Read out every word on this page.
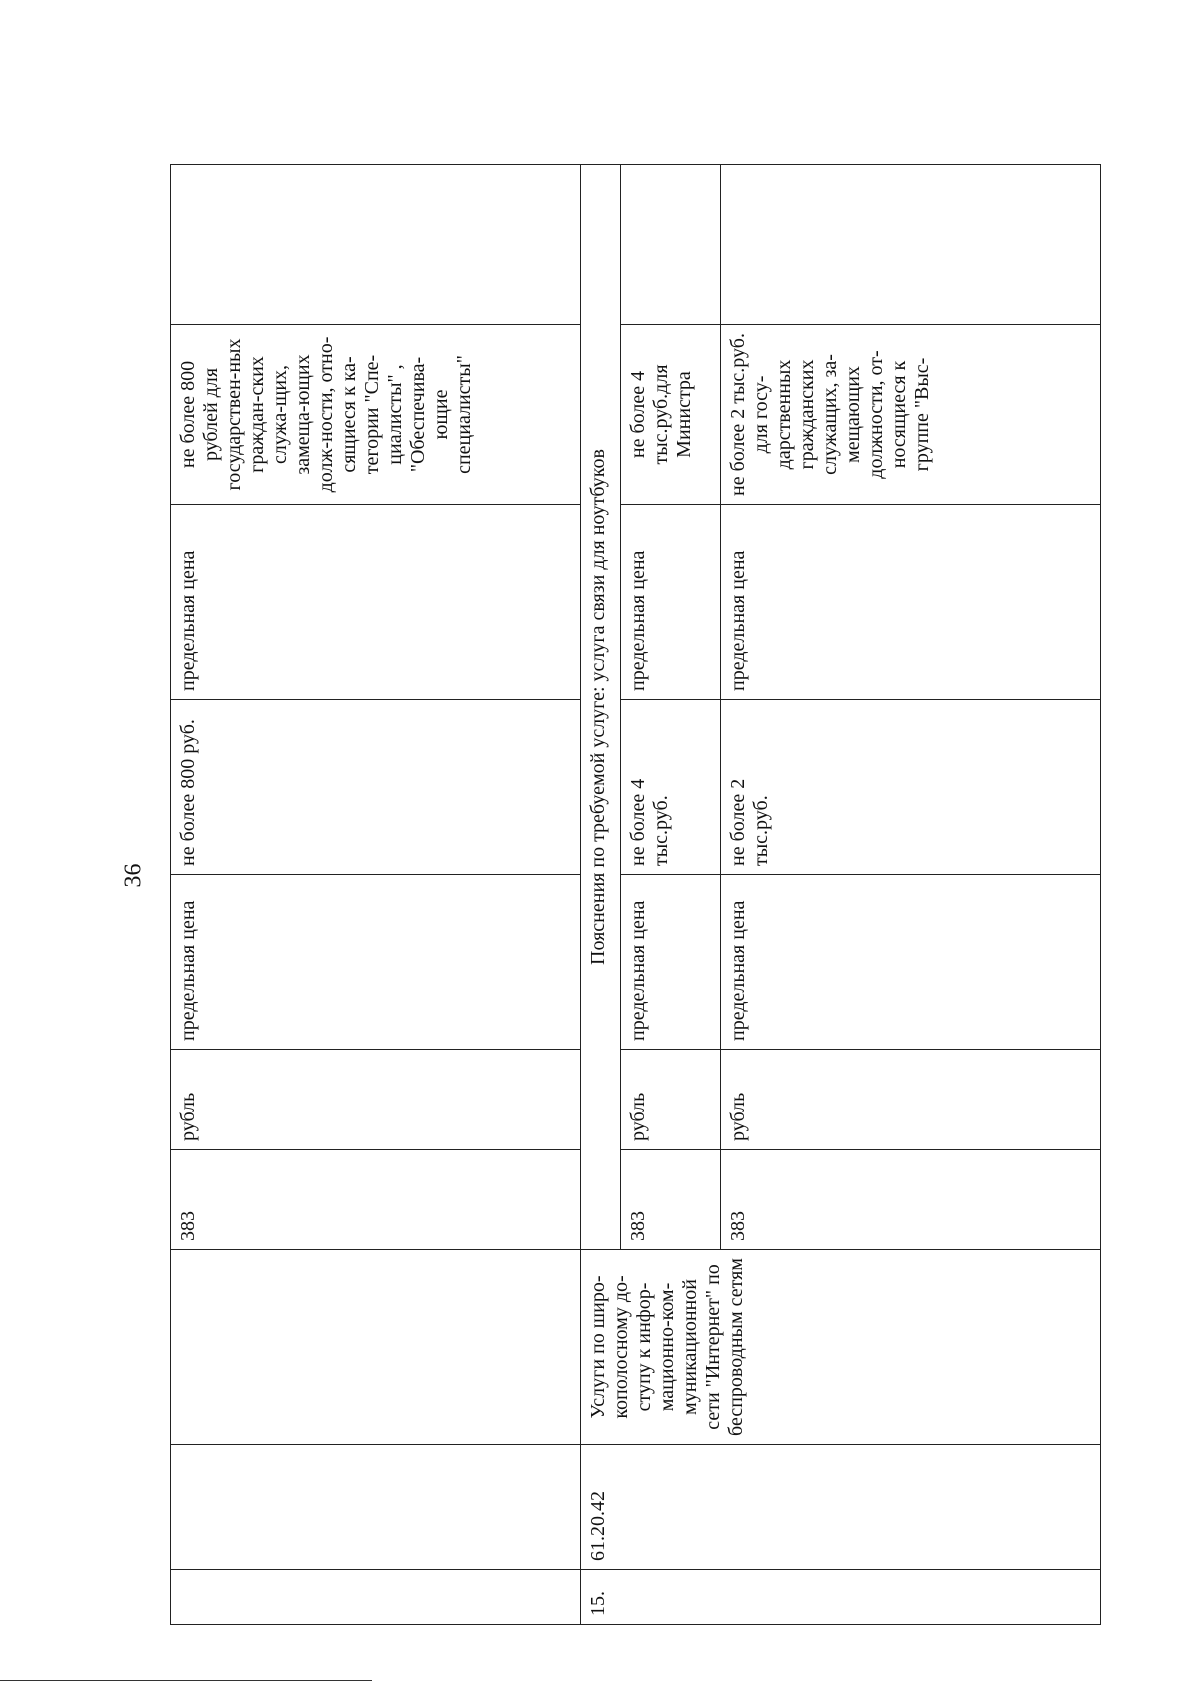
36
			383	рубль	предельная цена	не более 800 руб.	предельная цена	не более 800 рублей для государствен-ных граждан-ских служа-щих, замеща-ющих долж-ности, отно-сящиеся к ка-тегории "Спе-циалисты" , "Обеспечива-ющие специалисты"	
15.	61.20.42	Услуги по широ-кополосному до-ступу к инфор-мационно-ком-муникационной сети "Интернет" по беспроводным сетям	Пояснения по требуемой услуге: услуга связи для ноутбуков						
			383	рубль	предельная цена	не более 4 тыс.руб.	предельная цена	не более 4 тыс.руб.для Министра	
			383	рубль	предельная цена	не более 2 тыс.руб.	предельная цена	не более 2 тыс.руб. для госу-дарственных гражданских служащих, за-мещающих должности, от-носящиеся к группе "Выс-	
